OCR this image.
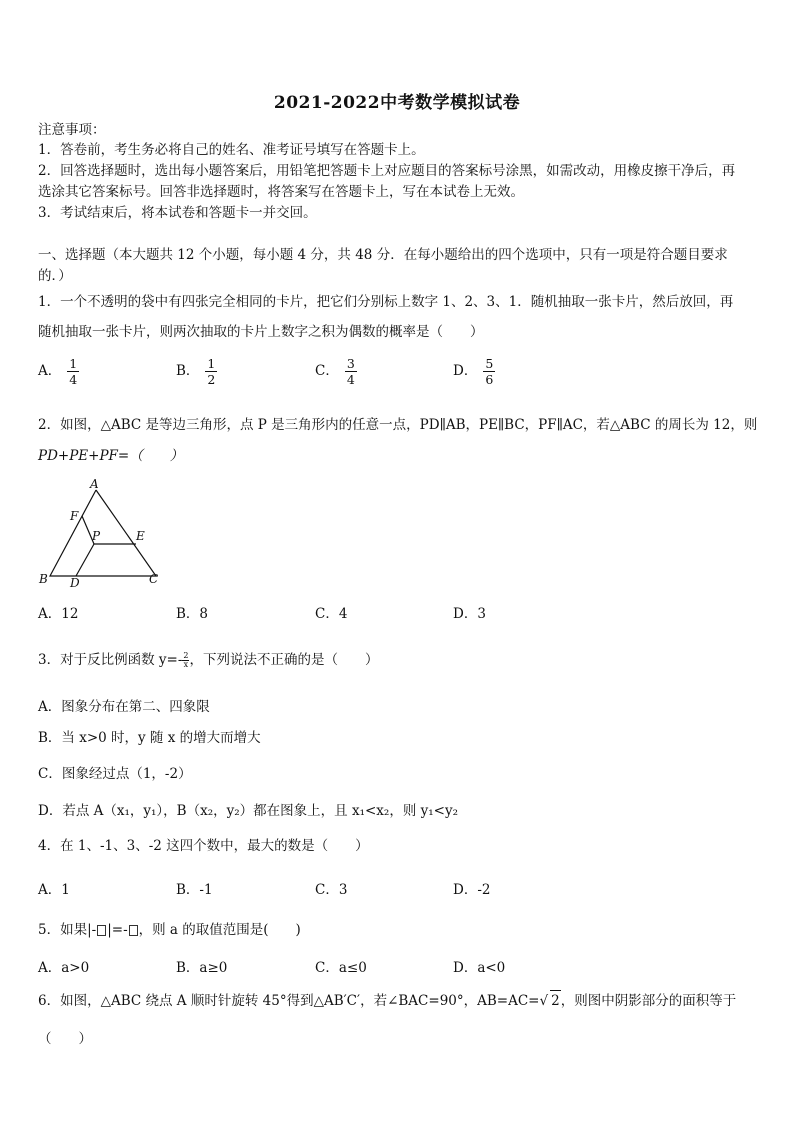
2021-2022中考数学模拟试卷
注意事项：
1．答卷前，考生务必将自己的姓名、准考证号填写在答题卡上。
2．回答选择题时，选出每小题答案后，用铅笔把答题卡上对应题目的答案标号涂黑，如需改动，用橡皮擦干净后，再
选涂其它答案标号。回答非选择题时，将答案写在答题卡上，写在本试卷上无效。
3．考试结束后，将本试卷和答题卡一并交回。
一、选择题（本大题共 12 个小题，每小题 4 分，共 48 分．在每小题给出的四个选项中，只有一项是符合题目要求
的．）
1．一个不透明的袋中有四张完全相同的卡片，把它们分别标上数字 1、2、3、1．随机抽取一张卡片，然后放回，再
随机抽取一张卡片，则两次抽取的卡片上数字之积为偶数的概率是（　　）
A． $\frac{1}{4}$	B． $\frac{1}{2}$	C． $\frac{3}{4}$	D． $\frac{5}{6}$
2．如图，△ABC 是等边三角形，点 P 是三角形内的任意一点，PD∥AB，PE∥BC，PF∥AC，若△ABC 的周长为 12，则
PD+PE+PF=（　　）
A
F
P	E
B D	C
A．12	B．8	C．4	D．3
3．对于反比例函数 $y=- \frac{2}{x}$ ，下列说法不正确的是（　　）
A．图象分布在第二、四象限
B．当 x>0 时，y 随 x 的增大而增大
C．图象经过点（1，-2）
D．若点 A（x₁，y₁），B（x₂，y₂）都在图象上，且 x₁<x₂，则 y₁<y₂
4．在 1、-1、3、-2 这四个数中，最大的数是（　　）
A．1	B．-1	C．3	D．-2
5．如果|- |=- ，则 a 的取值范围是(　　)
A．a>0	B．a≥0	C．a≤0	D．a<0
6．如图，△ABC 绕点 A 顺时针旋转 45°得到△AB′C′，若∠BAC=90°，AB=AC=√ 2，则图中阴影部分的面积等于
（　　）
